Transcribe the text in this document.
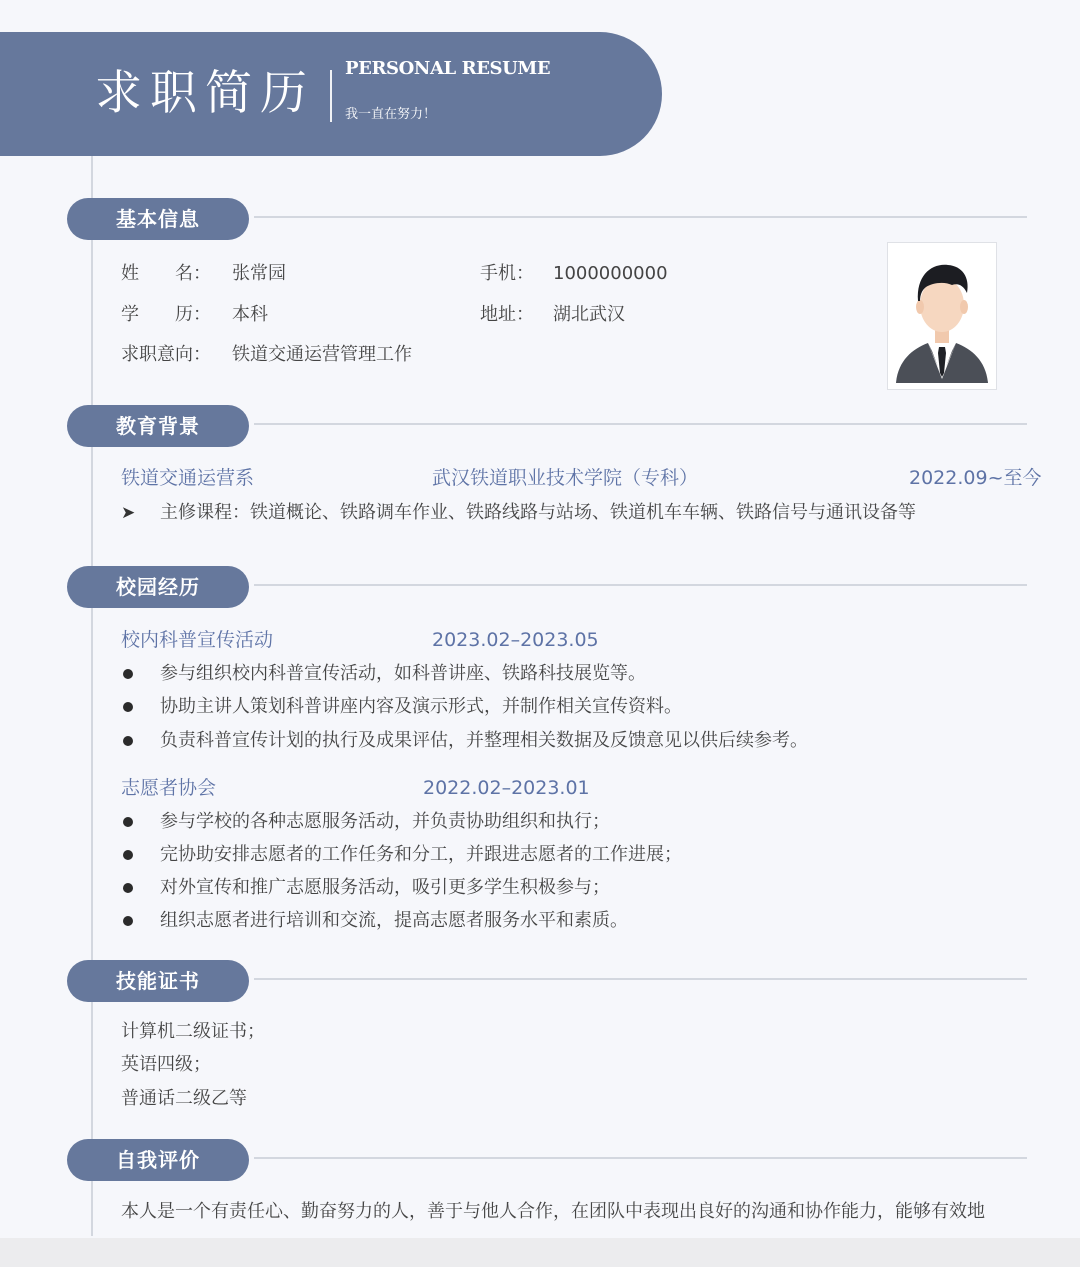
求职简历 PERSONAL RESUME
我一直在努力！
基本信息
姓　　名： 张常园	手机： 1000000000
学　　历： 本科	地址： 湖北武汉
求职意向： 铁道交通运营管理工作
教育背景
铁道交通运营系	武汉铁道职业技术学院（专科）	2022.09~至今
➤ 主修课程：铁道概论、铁路调车作业、铁路线路与站场、铁道机车车辆、铁路信号与通讯设备等
校园经历
校内科普宣传活动	2023.02–2023.05
参与组织校内科普宣传活动，如科普讲座、铁路科技展览等。
协助主讲人策划科普讲座内容及演示形式，并制作相关宣传资料。
负责科普宣传计划的执行及成果评估，并整理相关数据及反馈意见以供后续参考。
志愿者协会	2022.02–2023.01
参与学校的各种志愿服务活动，并负责协助组织和执行；
完协助安排志愿者的工作任务和分工，并跟进志愿者的工作进展；
对外宣传和推广志愿服务活动，吸引更多学生积极参与；
组织志愿者进行培训和交流，提高志愿者服务水平和素质。
技能证书
计算机二级证书；
英语四级；
普通话二级乙等
自我评价
本人是一个有责任心、勤奋努力的人，善于与他人合作，在团队中表现出良好的沟通和协作能力，能够有效地
